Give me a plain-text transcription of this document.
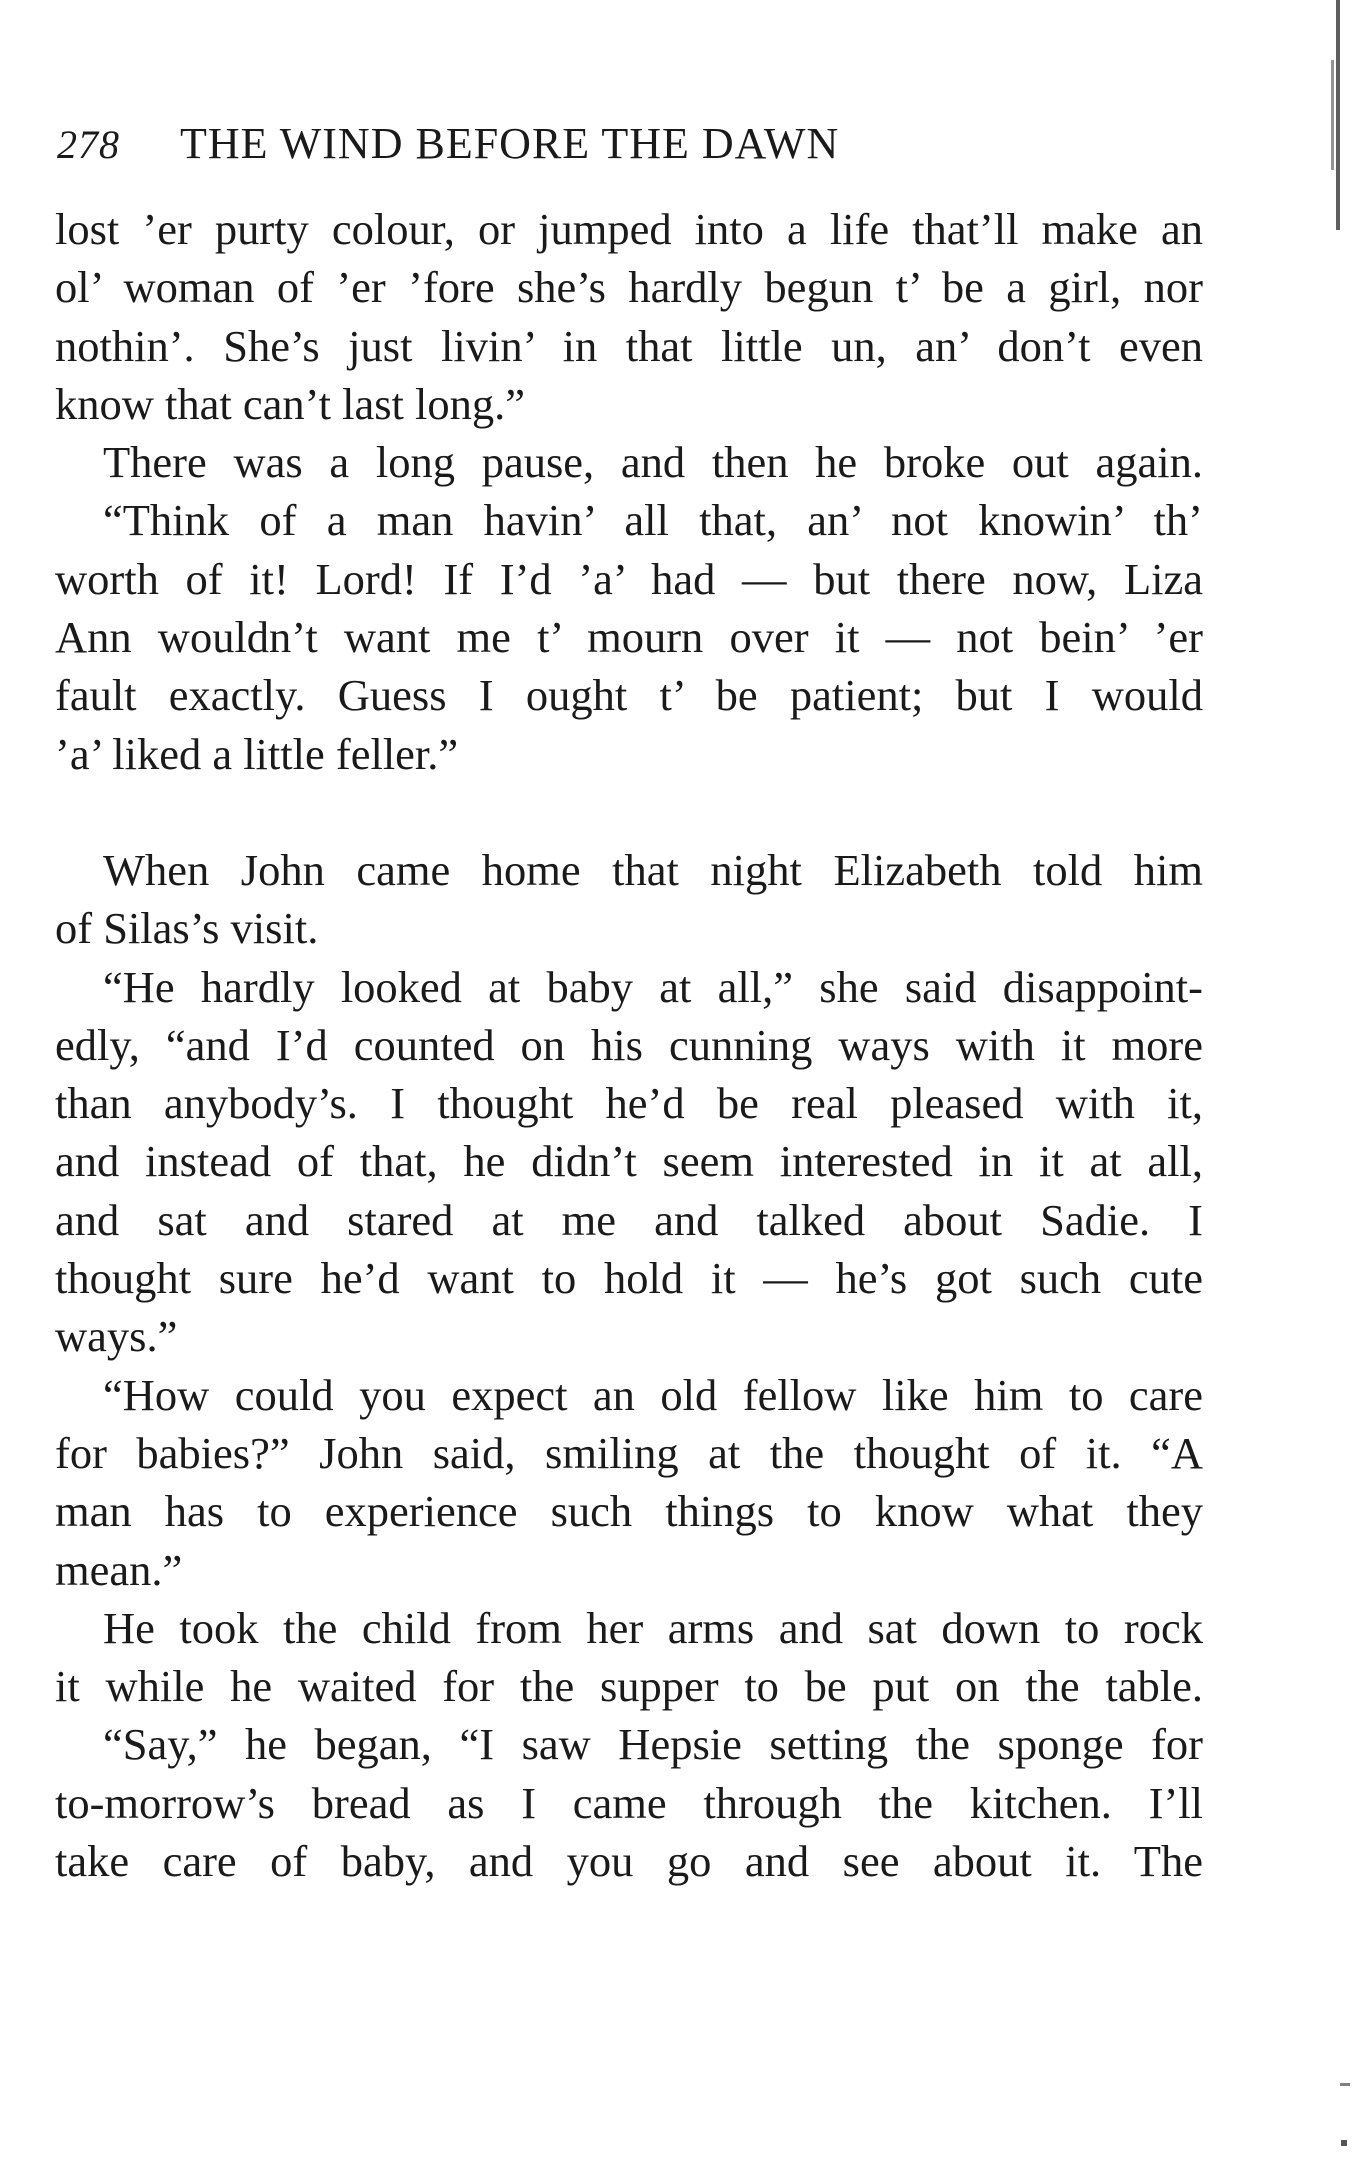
278 THE WIND BEFORE THE DAWN
lost ’er purty colour, or jumped into a life that’ll make an
ol’ woman of ’er ’fore she’s hardly begun t’ be a girl, nor
nothin’. She’s just livin’ in that little un, an’ don’t even
know that can’t last long.”
There was a long pause, and then he broke out again.
“Think of a man havin’ all that, an’ not knowin’ th’
worth of it! Lord! If I’d ’a’ had — but there now, Liza
Ann wouldn’t want me t’ mourn over it — not bein’ ’er
fault exactly. Guess I ought t’ be patient; but I would
’a’ liked a little feller.”
When John came home that night Elizabeth told him
of Silas’s visit.
“He hardly looked at baby at all,” she said disappoint-
edly, “and I’d counted on his cunning ways with it more
than anybody’s. I thought he’d be real pleased with it,
and instead of that, he didn’t seem interested in it at all,
and sat and stared at me and talked about Sadie. I
thought sure he’d want to hold it — he’s got such cute
ways.”
“How could you expect an old fellow like him to care
for babies?” John said, smiling at the thought of it. “A
man has to experience such things to know what they
mean.”
He took the child from her arms and sat down to rock
it while he waited for the supper to be put on the table.
“Say,” he began, “I saw Hepsie setting the sponge for
to-morrow’s bread as I came through the kitchen. I’ll
take care of baby, and you go and see about it. The
